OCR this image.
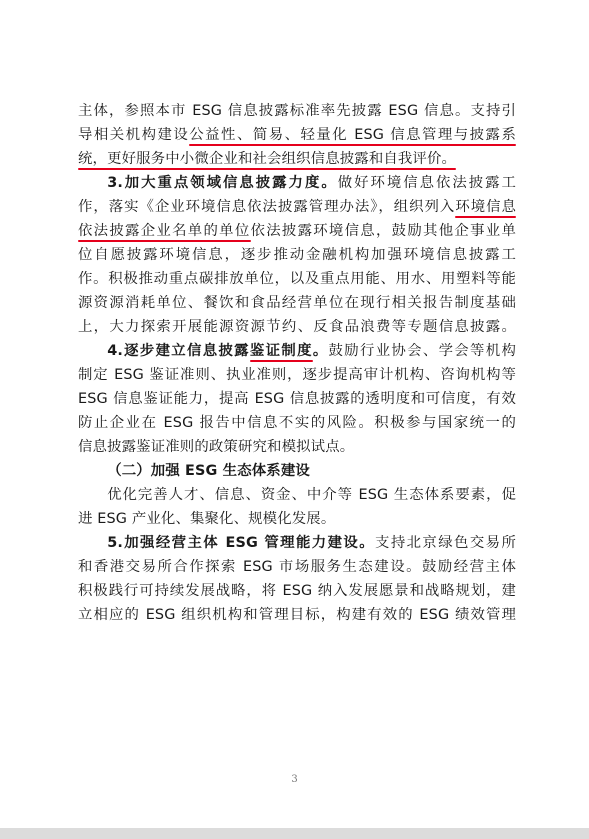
主体，参照本市 ESG 信息披露标准率先披露 ESG 信息。支持引
导相关机构建设公益性、简易、轻量化 ESG 信息管理与披露系
统，更好服务中小微企业和社会组织信息披露和自我评价。
3.加大重点领域信息披露力度。做好环境信息依法披露工
作，落实《企业环境信息依法披露管理办法》，组织列入环境信息
依法披露企业名单的单位依法披露环境信息，鼓励其他企事业单
位自愿披露环境信息，逐步推动金融机构加强环境信息披露工
作。积极推动重点碳排放单位，以及重点用能、用水、用塑料等能
源资源消耗单位、餐饮和食品经营单位在现行相关报告制度基础
上，大力探索开展能源资源节约、反食品浪费等专题信息披露。
4.逐步建立信息披露鉴证制度。鼓励行业协会、学会等机构
制定 ESG 鉴证准则、执业准则，逐步提高审计机构、咨询机构等
ESG 信息鉴证能力，提高 ESG 信息披露的透明度和可信度，有效
防止企业在 ESG 报告中信息不实的风险。积极参与国家统一的
信息披露鉴证准则的政策研究和模拟试点。
（二）加强 ESG 生态体系建设
优化完善人才、信息、资金、中介等 ESG 生态体系要素，促
进 ESG 产业化、集聚化、规模化发展。
5.加强经营主体 ESG 管理能力建设。支持北京绿色交易所
和香港交易所合作探索 ESG 市场服务生态建设。鼓励经营主体
积极践行可持续发展战略，将 ESG 纳入发展愿景和战略规划，建
立相应的 ESG 组织机构和管理目标，构建有效的 ESG 绩效管理
3
